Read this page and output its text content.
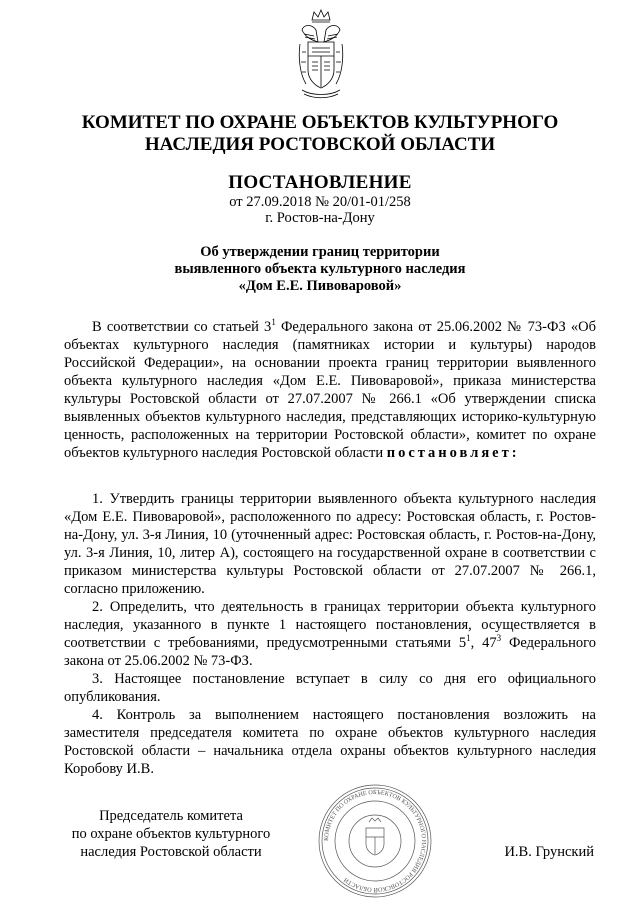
КОМИТЕТ ПО ОХРАНЕ ОБЪЕКТОВ КУЛЬТУРНОГО
НАСЛЕДИЯ РОСТОВСКОЙ ОБЛАСТИ
ПОСТАНОВЛЕНИЕ
от 27.09.2018 № 20/01-01/258
г. Ростов-на-Дону
Об утверждении границ территории
выявленного объекта культурного наследия
«Дом Е.Е. Пивоваровой»

В соответствии со статьей $3^1$ Федерального закона от 25.06.2002 № 73-ФЗ «Об объектах культурного наследия (памятниках истории и культуры) народов Российской Федерации», на основании проекта границ территории выявленного объекта культурного наследия «Дом Е.Е. Пивоваровой», приказа министерства культуры Ростовской области от 27.07.2007 № 266.1 «Об утверждении списка выявленных объектов культурного наследия, представляющих историко-культурную ценность, расположенных на территории Ростовской области», комитет по охране объектов культурного наследия Ростовской области постановляет:

1. Утвердить границы территории выявленного объекта культурного наследия «Дом Е.Е. Пивоваровой», расположенного по адресу: Ростовская область, г. Ростов-на-Дону, ул. 3-я Линия, 10 (уточненный адрес: Ростовская область, г. Ростов-на-Дону, ул. 3-я Линия, 10, литер А), состоящего на государственной охране в соответствии с приказом министерства культуры Ростовской области от 27.07.2007 № 266.1, согласно приложению.

2. Определить, что деятельность в границах территории объекта культурного наследия, указанного в пункте 1 настоящего постановления, осуществляется в соответствии с требованиями, предусмотренными статьями $5^1$, $47^3$ Федерального закона от 25.06.2002 № 73-ФЗ.

3. Настоящее постановление вступает в силу со дня его официального опубликования.

4. Контроль за выполнением настоящего постановления возложить на заместителя председателя комитета по охране объектов культурного наследия Ростовской области – начальника отдела охраны объектов культурного наследия Коробову И.В.

КОМИТЕТ ПО ОХРАНЕ ОБЪЕКТОВ КУЛЬТУРНОГО НАСЛЕДИЯ РОСТОВСКОЙ ОБЛАСТИ
Председатель комитета
по охране объектов культурного
наследия Ростовской области	И.В. Грунский
